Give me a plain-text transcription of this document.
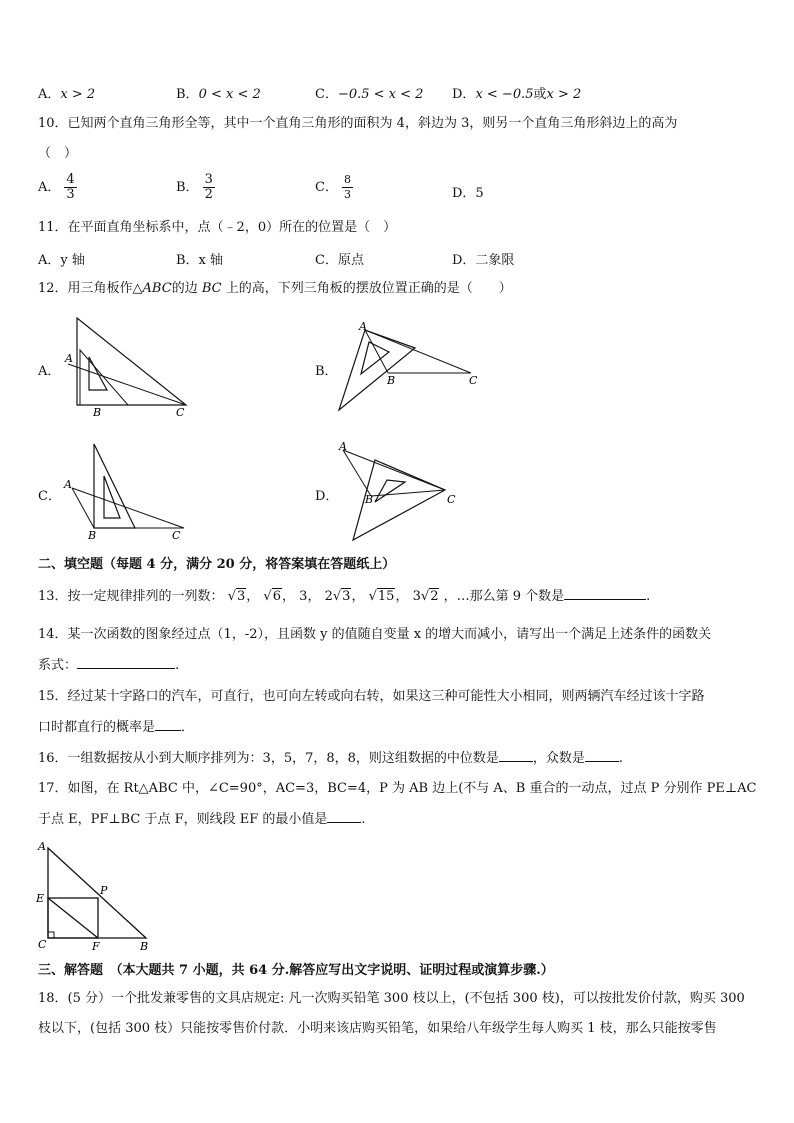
A．x > 2	B．0 < x < 2	C．−0.5 < x < 2 D．x < −0.5或x > 2
10．已知两个直角三角形全等，其中一个直角三角形的面积为 4，斜边为 3，则另一个直角三角形斜边上的高为
（　）
A． $\frac{4}{3}$	B． $\frac{3}{2}$	C． $\frac{8}{3}$	D．5
11．在平面直角坐标系中，点（﹣2，0）所在的位置是（　）
A．y 轴	B．x 轴	C．原点	D．二象限
12．用三角板作△ABC的边 BC 上的高，下列三角板的摆放位置正确的是（　　）
A．
A
B	C
B．
A
B	C
C．
A
B	C
D．
A
B	C
二、填空题（每题 4 分，满分 20 分，将答案填在答题纸上）
13．按一定规律排列的一列数： √3， √6， 3， 2√3， √15， 3√2 ，…那么第 9 个数是	.
14．某一次函数的图象经过点（1，-2），且函数 y 的值随自变量 x 的增大而减小，请写出一个满足上述条件的函数关
系式：	.
15．经过某十字路口的汽车，可直行，也可向左转或向右转，如果这三种可能性大小相同，则两辆汽车经过该十字路
口时都直行的概率是 ．
16．一组数据按从小到大顺序排列为：3，5，7，8，8，则这组数据的中位数是	，众数是	.
17．如图，在 Rt△ABC 中，∠C=90°，AC=3，BC=4，P 为 AB 边上(不与 A、B 重合的一动点，过点 P 分别作 PE⊥AC
于点 E，PF⊥BC 于点 F，则线段 EF 的最小值是	.
A
E
P
C	F	B
三、解答题　（本大题共 7 小题，共 64 分.解答应写出文字说明、证明过程或演算步骤.）
18．(5 分）一个批发兼零售的文具店规定: 凡一次购买铅笔 300 枝以上，(不包括 300 枝)，可以按批发价付款，购买 300
枝以下，(包括 300 枝）只能按零售价付款．小明来该店购买铅笔，如果给八年级学生每人购买 1 枝，那么只能按零售
